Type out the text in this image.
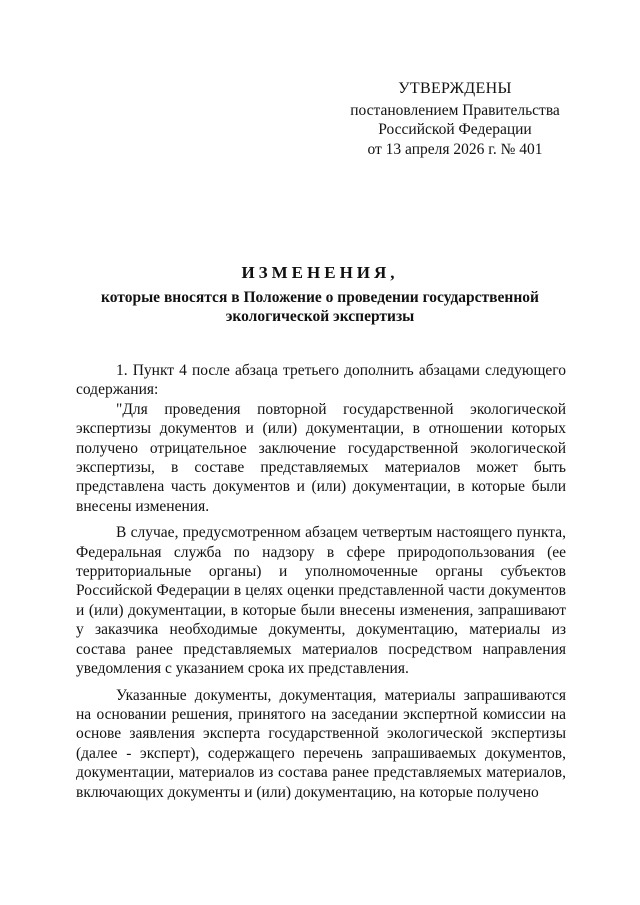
УТВЕРЖДЕНЫ
постановлением Правительства
Российской Федерации
от 13 апреля 2026 г. № 401
ИЗМЕНЕНИЯ,
которые вносятся в Положение о проведении государственной экологической экспертизы

1. Пункт 4 после абзаца третьего дополнить абзацами следующего содержания:

"Для проведения повторной государственной экологической экспертизы документов и (или) документации, в отношении которых получено отрицательное заключение государственной экологической экспертизы, в составе представляемых материалов может быть представлена часть документов и (или) документации, в которые были внесены изменения.

В случае, предусмотренном абзацем четвертым настоящего пункта, Федеральная служба по надзору в сфере природопользования (ее территориальные органы) и уполномоченные органы субъектов Российской Федерации в целях оценки представленной части документов и (или) документации, в которые были внесены изменения, запрашивают у заказчика необходимые документы, документацию, материалы из состава ранее представляемых материалов посредством направления уведомления с указанием срока их представления.

Указанные документы, документация, материалы запрашиваются на основании решения, принятого на заседании экспертной комиссии на основе заявления эксперта государственной экологической экспертизы (далее - эксперт), содержащего перечень запрашиваемых документов, документации, материалов из состава ранее представляемых материалов, включающих документы и (или) документацию, на которые получено
